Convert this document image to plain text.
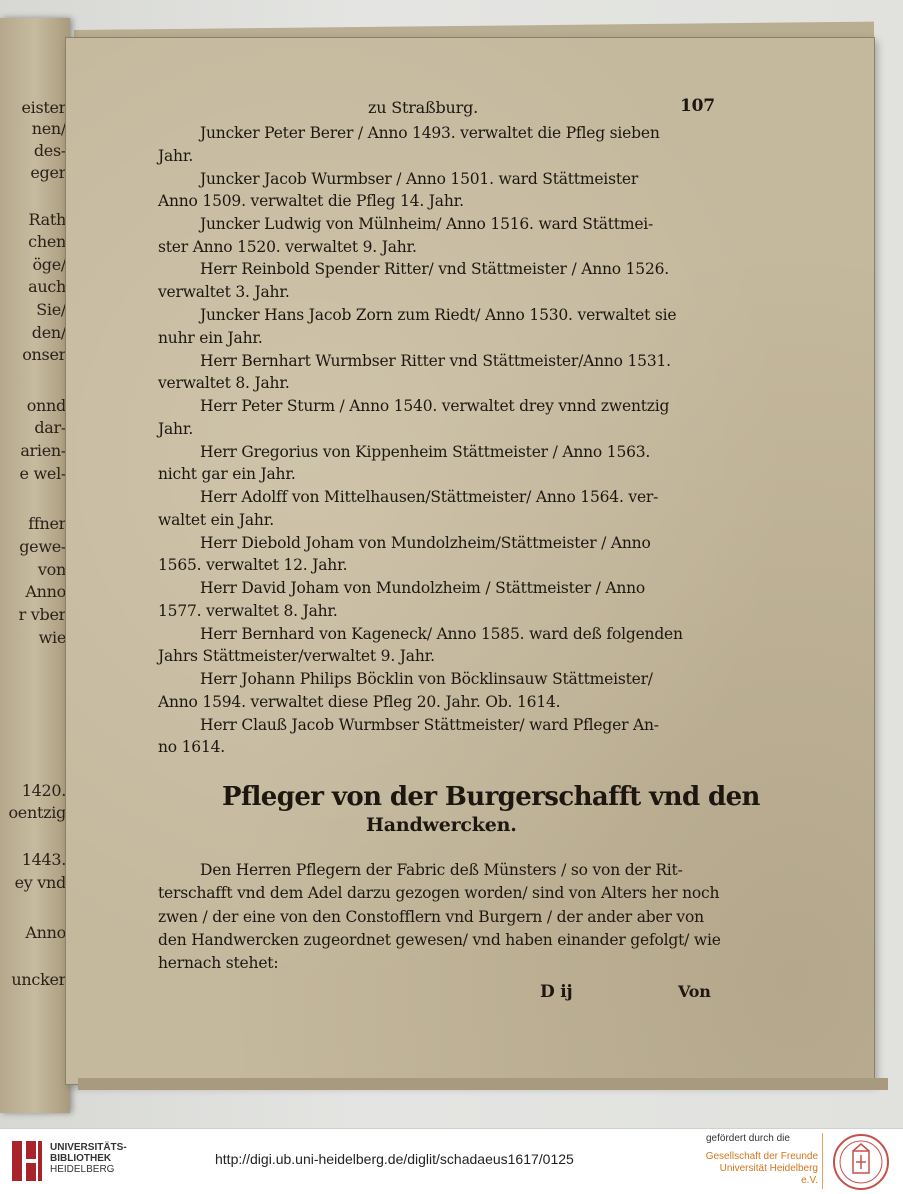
eister
nen/
des-
eger
Rath
chen
öge/
auch
Sie/
den/
onser
onnd
dar-
arien-
e wel-
ffner
gewe-
von
Anno
r vber
wie
1420.
oentzig
1443.
ey vnd
Anno
uncker
zu Straßburg.	107
Juncker Peter Berer / Anno 1493. verwaltet die Pfleg sieben
Jahr.
Juncker Jacob Wurmbser / Anno 1501. ward Stättmeister
Anno 1509. verwaltet die Pfleg 14. Jahr.
Juncker Ludwig von Mülnheim/ Anno 1516. ward Stättmei-
ster Anno 1520. verwaltet 9. Jahr.
Herr Reinbold Spender Ritter/ vnd Stättmeister / Anno 1526.
verwaltet 3. Jahr.
Juncker Hans Jacob Zorn zum Riedt/ Anno 1530. verwaltet sie
nuhr ein Jahr.
Herr Bernhart Wurmbser Ritter vnd Stättmeister/Anno 1531.
verwaltet 8. Jahr.
Herr Peter Sturm / Anno 1540. verwaltet drey vnnd zwentzig
Jahr.
Herr Gregorius von Kippenheim Stättmeister / Anno 1563.
nicht gar ein Jahr.
Herr Adolff von Mittelhausen/Stättmeister/ Anno 1564. ver-
waltet ein Jahr.
Herr Diebold Joham von Mundolzheim/Stättmeister / Anno
1565. verwaltet 12. Jahr.
Herr David Joham von Mundolzheim / Stättmeister / Anno
1577. verwaltet 8. Jahr.
Herr Bernhard von Kageneck/ Anno 1585. ward deß folgenden
Jahrs Stättmeister/verwaltet 9. Jahr.
Herr Johann Philips Böcklin von Böcklinsauw Stättmeister/
Anno 1594. verwaltet diese Pfleg 20. Jahr. Ob. 1614.
Herr Clauß Jacob Wurmbser Stättmeister/ ward Pfleger An-
no 1614.
Pfleger von der Burgerschafft vnd den
Handwercken.
Den Herren Pflegern der Fabric deß Münsters / so von der Rit-
terschafft vnd dem Adel darzu gezogen worden/ sind von Alters her noch
zwen / der eine von den Constofflern vnd Burgern / der ander aber von
den Handwercken zugeordnet gewesen/ vnd haben einander gefolgt/ wie
hernach stehet:
D ij	Von
UNIVERSITÄTS-
BIBLIOTHEK
HEIDELBERG
http://digi.ub.uni-heidelberg.de/diglit/schadaeus1617/0125
gefördert durch die
Gesellschaft der Freunde
Universität Heidelberg e.V.
